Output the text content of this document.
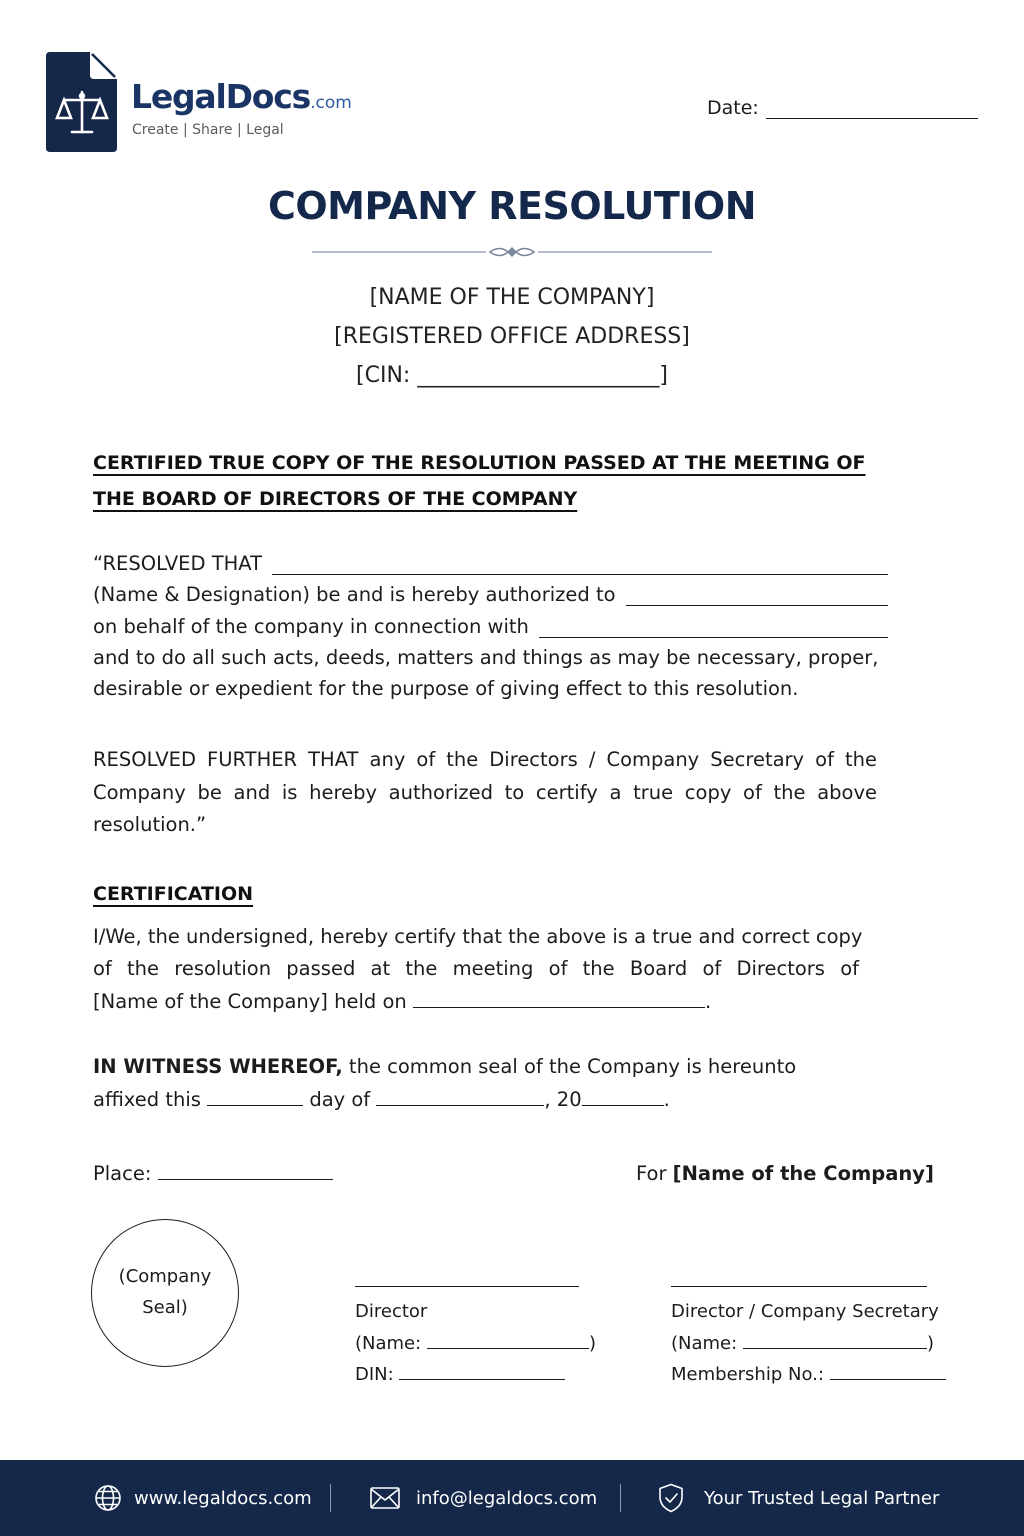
LegalDocs.com
Create | Share | Legal
Date:
COMPANY RESOLUTION
[NAME OF THE COMPANY]
[REGISTERED OFFICE ADDRESS]
[CIN: ______________________]
CERTIFIED TRUE COPY OF THE RESOLUTION PASSED AT THE MEETING OF
THE BOARD OF DIRECTORS OF THE COMPANY
“RESOLVED THAT
(Name & Designation) be and is hereby authorized to
on behalf of the company in connection with
and to do all such acts, deeds, matters and things as may be necessary, proper,
desirable or expedient for the purpose of giving effect to this resolution.
RESOLVED FURTHER THAT any of the Directors / Company Secretary of the
Company be and is hereby authorized to certify a true copy of the above
resolution.”
CERTIFICATION
I/We, the undersigned, hereby certify that the above is a true and correct copy
of the resolution passed at the meeting of the Board of Directors of
[Name of the Company] held on	.
IN WITNESS WHEREOF, the common seal of the Company is hereunto
affixed this	day of	, 20	.
Place:	For [Name of the Company]
(Company
Seal)	Director
(Name:	)
DIN:
Director / Company Secretary
(Name:	)
Membership No.:
www.legaldocs.com	info@legaldocs.com	Your Trusted Legal Partner
